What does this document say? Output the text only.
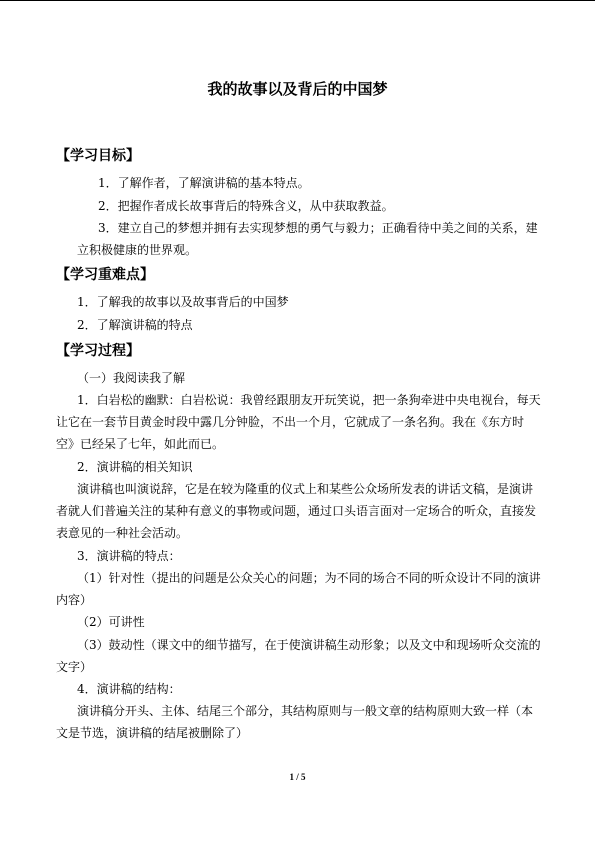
我的故事以及背后的中国梦
【学习目标】
1．了解作者，了解演讲稿的基本特点。
2．把握作者成长故事背后的特殊含义，从中获取教益。
3．建立自己的梦想并拥有去实现梦想的勇气与毅力；正确看待中美之间的关系，建
立积极健康的世界观。
【学习重难点】
1．了解我的故事以及故事背后的中国梦
2．了解演讲稿的特点
【学习过程】
（一）我阅读我了解
1．白岩松的幽默：白岩松说：我曾经跟朋友开玩笑说，把一条狗牵进中央电视台，每天
让它在一套节目黄金时段中露几分钟脸，不出一个月，它就成了一条名狗。我在《东方时
空》已经呆了七年，如此而已。
2．演讲稿的相关知识
演讲稿也叫演说辞，它是在较为隆重的仪式上和某些公众场所发表的讲话文稿，是演讲
者就人们普遍关注的某种有意义的事物或问题，通过口头语言面对一定场合的听众，直接发
表意见的一种社会活动。
3．演讲稿的特点：
（1）针对性（提出的问题是公众关心的问题；为不同的场合不同的听众设计不同的演讲
内容）
（2）可讲性
（3）鼓动性（课文中的细节描写，在于使演讲稿生动形象；以及文中和现场听众交流的
文字）
4．演讲稿的结构：
演讲稿分开头、主体、结尾三个部分，其结构原则与一般文章的结构原则大致一样（本
文是节选，演讲稿的结尾被删除了）
1 / 5
